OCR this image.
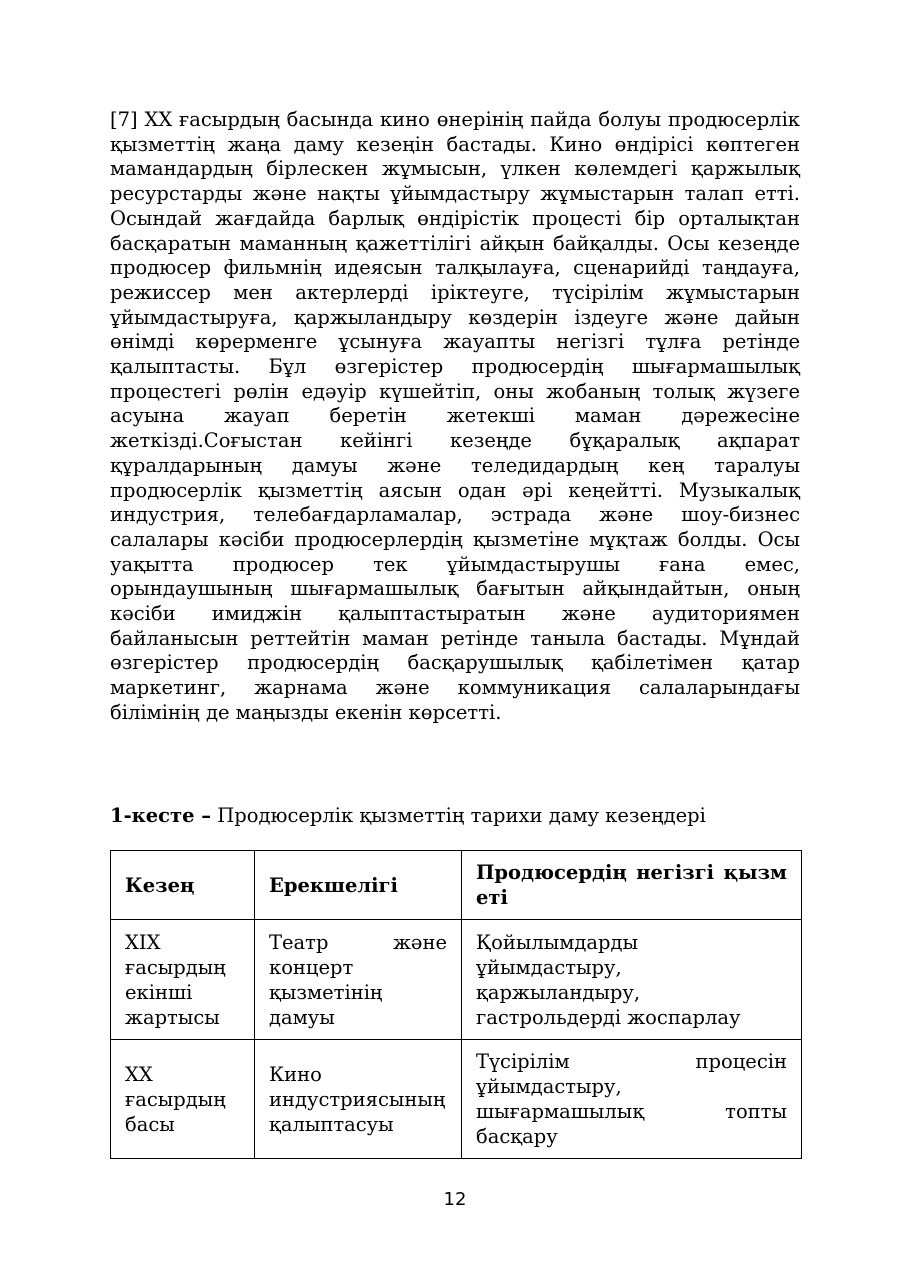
[7] XX ғасырдың басында кино өнерінің пайда болуы продюсерлік қызметтің жаңа даму кезеңін бастады. Кино өндірісі көптеген мамандардың бірлескен жұмысын, үлкен көлемдегі қаржылық ресурстарды және нақты ұйымдастыру жұмыстарын талап етті. Осындай жағдайда барлық өндірістік процесті бір орталықтан басқаратын маманның қажеттілігі айқын байқалды. Осы кезеңде продюсер фильмнің идеясын талқылауға, сценарийді таңдауға, режиссер мен актерлерді іріктеуге, түсірілім жұмыстарын ұйымдастыруға, қаржыландыру көздерін іздеуге және дайын өнімді көрерменге ұсынуға жауапты негізгі тұлға ретінде қалыптасты. Бұл өзгерістер продюсердің шығармашылық процестегі рөлін едәуір күшейтіп, оны жобаның толық жүзеге асуына жауап беретін жетекші маман дәрежесіне жеткізді.Соғыстан кейінгі кезеңде бұқаралық ақпарат құралдарының дамуы және теледидардың кең таралуы продюсерлік қызметтің аясын одан әрі кеңейтті. Музыкалық индустрия, телебағдарламалар, эстрада және шоу-бизнес салалары кәсіби продюсерлердің қызметіне мұқтаж болды. Осы уақытта продюсер тек ұйымдастырушы ғана емес, орындаушының шығармашылық бағытын айқындайтын, оның кәсіби имиджін қалыптастыратын және аудиториямен байланысын реттейтін маман ретінде танылa бастады. Мұндай өзгерістер продюсердің басқарушылық қабілетімен қатар маркетинг, жарнама және коммуникация салаларындағы білімінің де маңызды екенін көрсетті.

1-кесте – Продюсерлік қызметтің тарихи даму кезеңдері

Кезең	Ерекшелігі	Продюсердің негізгі қызметі
XIX ғасырдың екінші жартысы	Театр және концерт қызметінің дамуы	Қойылымдарды ұйымдастыру, қаржыландыру, гастрольдерді жоспарлау
XX ғасырдың басы	Кино индустриясының қалыптасуы	Түсірілім процесін ұйымдастыру, шығармашылық топты басқару
12
